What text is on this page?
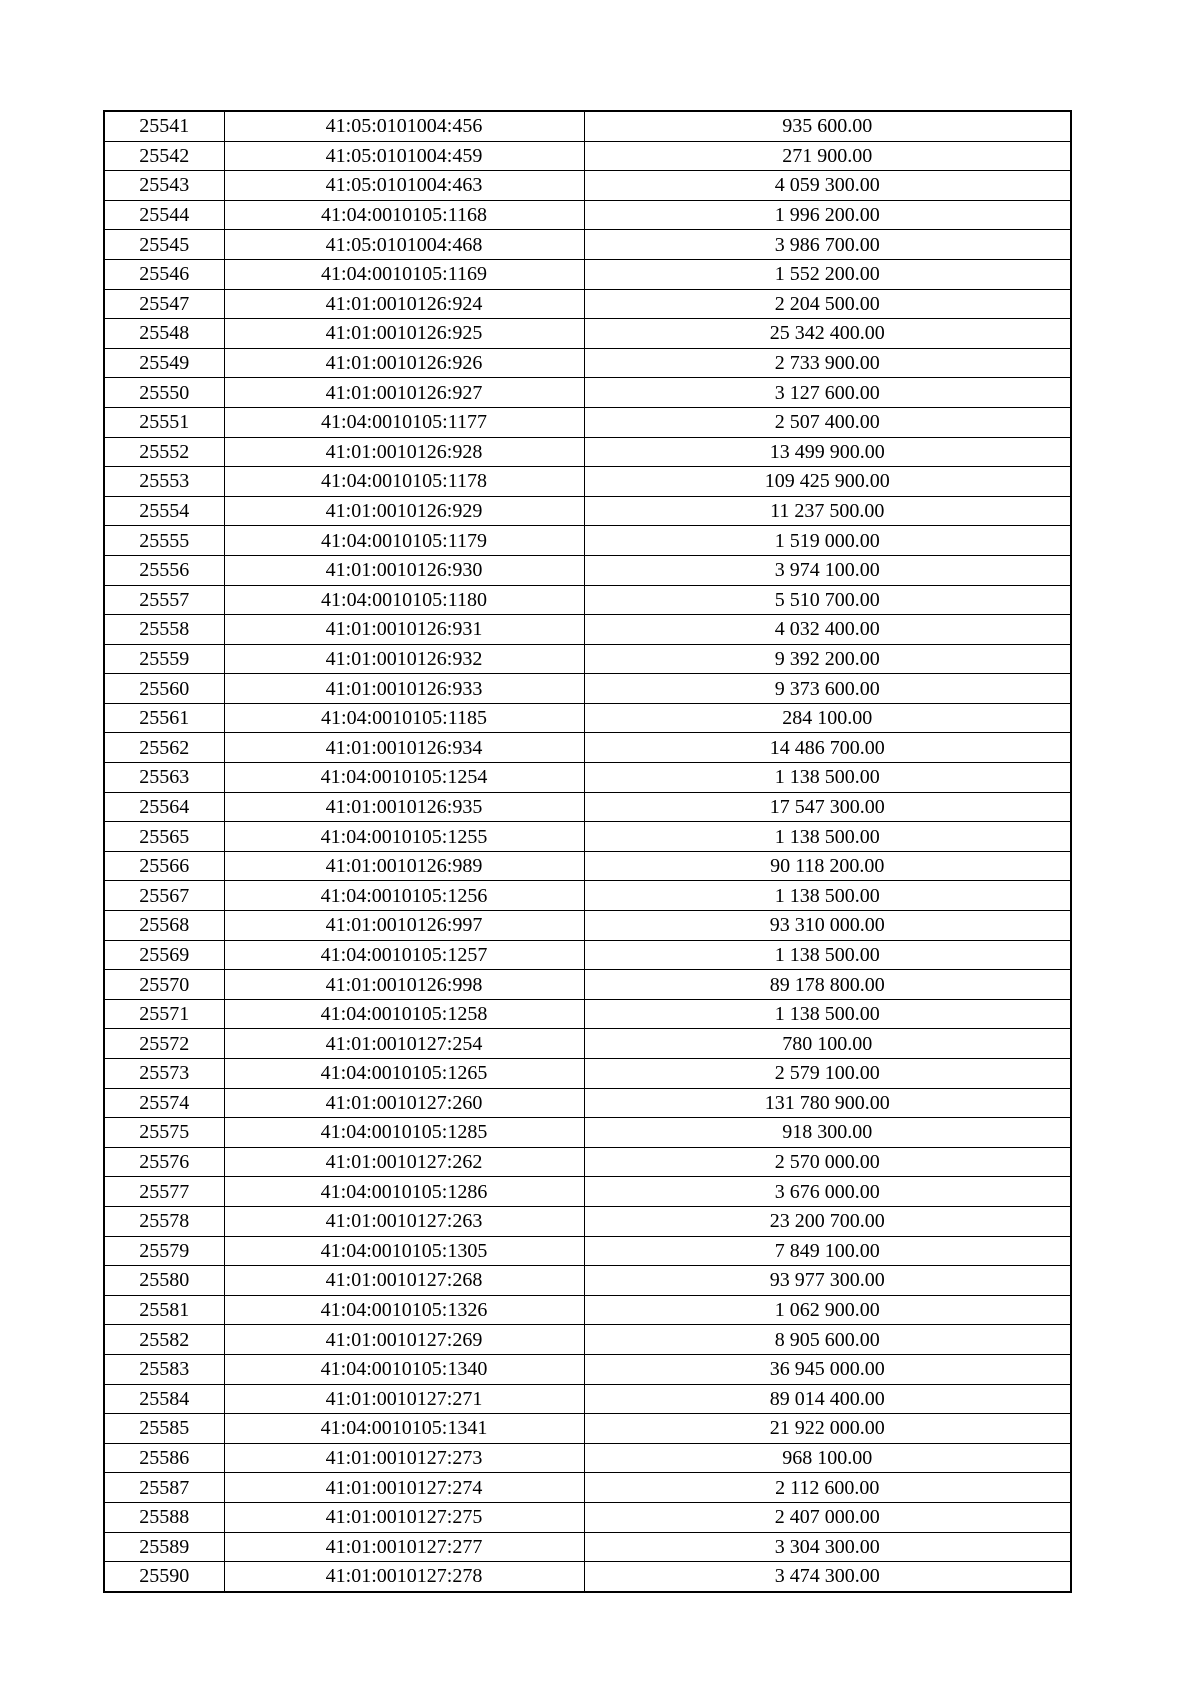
25541	41:05:0101004:456	935 600.00
25542	41:05:0101004:459	271 900.00
25543	41:05:0101004:463	4 059 300.00
25544	41:04:0010105:1168	1 996 200.00
25545	41:05:0101004:468	3 986 700.00
25546	41:04:0010105:1169	1 552 200.00
25547	41:01:0010126:924	2 204 500.00
25548	41:01:0010126:925	25 342 400.00
25549	41:01:0010126:926	2 733 900.00
25550	41:01:0010126:927	3 127 600.00
25551	41:04:0010105:1177	2 507 400.00
25552	41:01:0010126:928	13 499 900.00
25553	41:04:0010105:1178	109 425 900.00
25554	41:01:0010126:929	11 237 500.00
25555	41:04:0010105:1179	1 519 000.00
25556	41:01:0010126:930	3 974 100.00
25557	41:04:0010105:1180	5 510 700.00
25558	41:01:0010126:931	4 032 400.00
25559	41:01:0010126:932	9 392 200.00
25560	41:01:0010126:933	9 373 600.00
25561	41:04:0010105:1185	284 100.00
25562	41:01:0010126:934	14 486 700.00
25563	41:04:0010105:1254	1 138 500.00
25564	41:01:0010126:935	17 547 300.00
25565	41:04:0010105:1255	1 138 500.00
25566	41:01:0010126:989	90 118 200.00
25567	41:04:0010105:1256	1 138 500.00
25568	41:01:0010126:997	93 310 000.00
25569	41:04:0010105:1257	1 138 500.00
25570	41:01:0010126:998	89 178 800.00
25571	41:04:0010105:1258	1 138 500.00
25572	41:01:0010127:254	780 100.00
25573	41:04:0010105:1265	2 579 100.00
25574	41:01:0010127:260	131 780 900.00
25575	41:04:0010105:1285	918 300.00
25576	41:01:0010127:262	2 570 000.00
25577	41:04:0010105:1286	3 676 000.00
25578	41:01:0010127:263	23 200 700.00
25579	41:04:0010105:1305	7 849 100.00
25580	41:01:0010127:268	93 977 300.00
25581	41:04:0010105:1326	1 062 900.00
25582	41:01:0010127:269	8 905 600.00
25583	41:04:0010105:1340	36 945 000.00
25584	41:01:0010127:271	89 014 400.00
25585	41:04:0010105:1341	21 922 000.00
25586	41:01:0010127:273	968 100.00
25587	41:01:0010127:274	2 112 600.00
25588	41:01:0010127:275	2 407 000.00
25589	41:01:0010127:277	3 304 300.00
25590	41:01:0010127:278	3 474 300.00
